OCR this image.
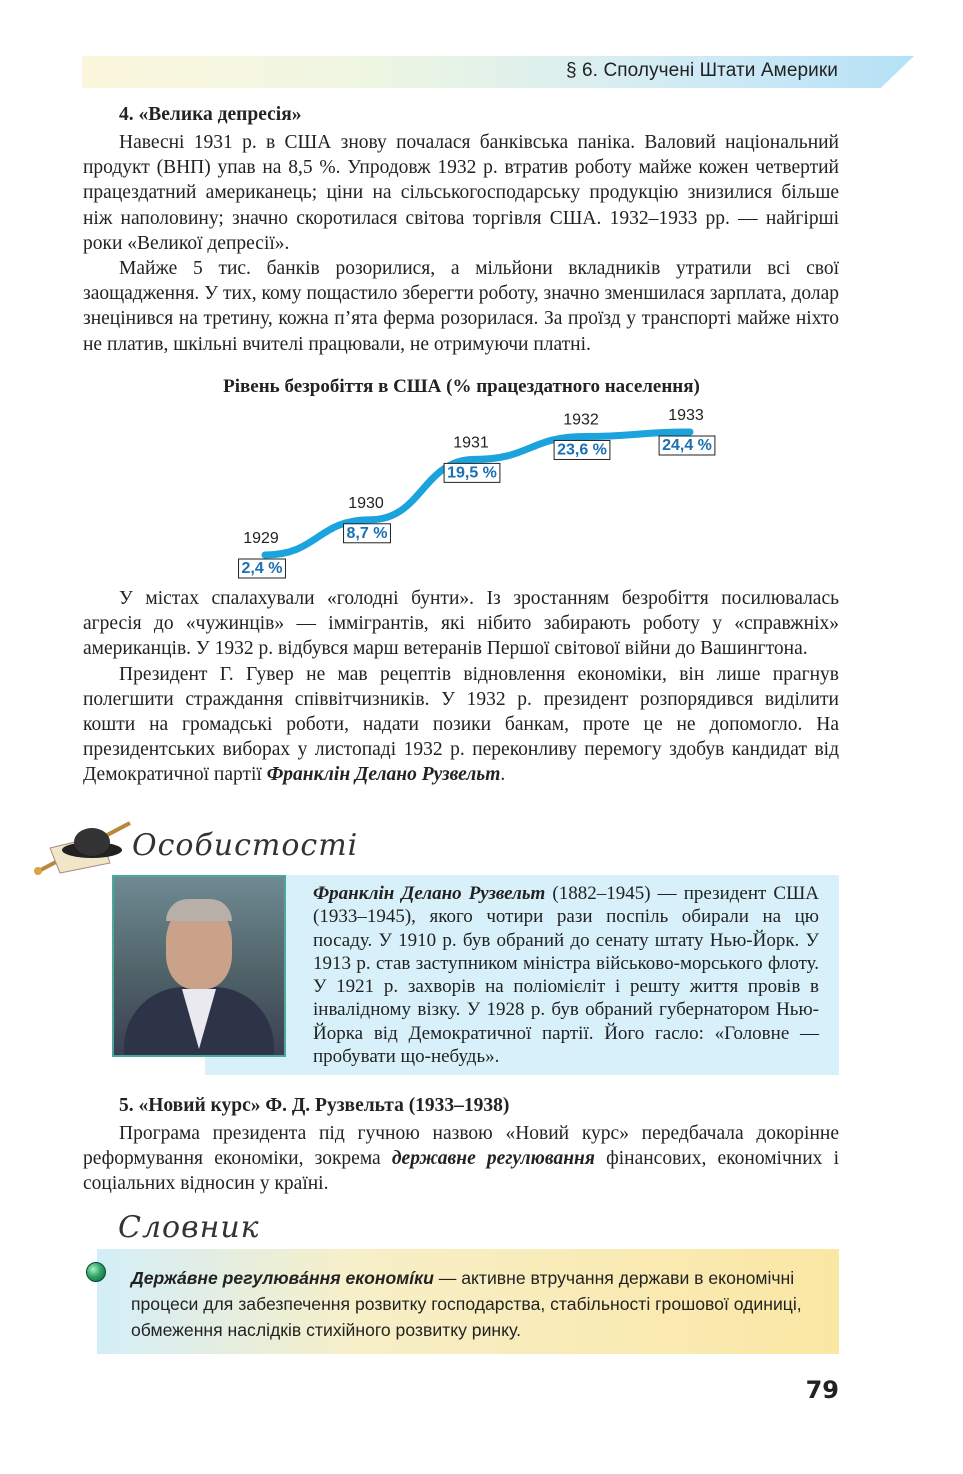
§ 6. Сполучені Штати Америки
4. «Велика депресія»

Навесні 1931 р. в США знову почалася банківська паніка. Валовий національний продукт (ВНП) упав на 8,5 %. Упродовж 1932 р. втратив роботу майже кожен четвертий працездатний американець; ціни на сільськогосподарську продукцію знизилися більше ніж наполовину; значно скоротилася світова торгівля США. 1932–1933 рр. — найгірші роки «Великої депресії».

Майже 5 тис. банків розорилися, а мільйони вкладників утратили всі свої заощадження. У тих, кому пощастило зберегти роботу, значно зменшилася зарплата, долар знецінився на третину, кожна п’ята ферма розорилася. За проїзд у транспорті майже ніхто не платив, шкільні вчителі працювали, не отримуючи платні.

Рівень безробіття в США (% працездатного населення)
1929
2,4 %
1930
8,7 %
1931
19,5 %
1932
23,6 %
1933
24,4 %

У містах спалахували «голодні бунти». Із зростанням безробіття посилювалась агресія до «чужинців» — іммігрантів, які нібито забирають роботу у «справжніх» американців. У 1932 р. відбувся марш ветеранів Першої світової війни до Вашингтона.

Президент Г. Гувер не мав рецептів відновлення економіки, він лише прагнув полегшити страждання співвітчизників. У 1932 р. президент розпорядився виділити кошти на громадські роботи, надати позики банкам, проте це не допомогло. На президентських виборах у листопаді 1932 р. переконливу перемогу здобув кандидат від Демократичної партії Франклін Делано Рузвельт.

Особистості
Франклін Делано Рузвельт (1882–1945) — президент США (1933–1945), якого чотири рази поспіль обирали на цю посаду. У 1910 р. був обраний до сенату штату Нью-Йорк. У 1913 р. став заступником міністра військово-морського флоту. У 1921 р. захворів на поліомієліт і решту життя провів в інвалідному візку. У 1928 р. був обраний губернатором Нью-Йорка від Демократичної партії. Його гасло: «Головне — пробувати що-небудь».
5. «Новий курс» Ф. Д. Рузвельта (1933–1938)

Програма президента під гучною назвою «Новий курс» передбачала докорінне реформування економіки, зокрема державне регулювання фінансових, економічних і соціальних відносин у країні.

Словник
Держáвне регулювáння економíки — активне втручання держави в економічні процеси для забезпечення розвитку господарства, стабільності грошової одиниці, обмеження наслідків стихійного розвитку ринку.
79
